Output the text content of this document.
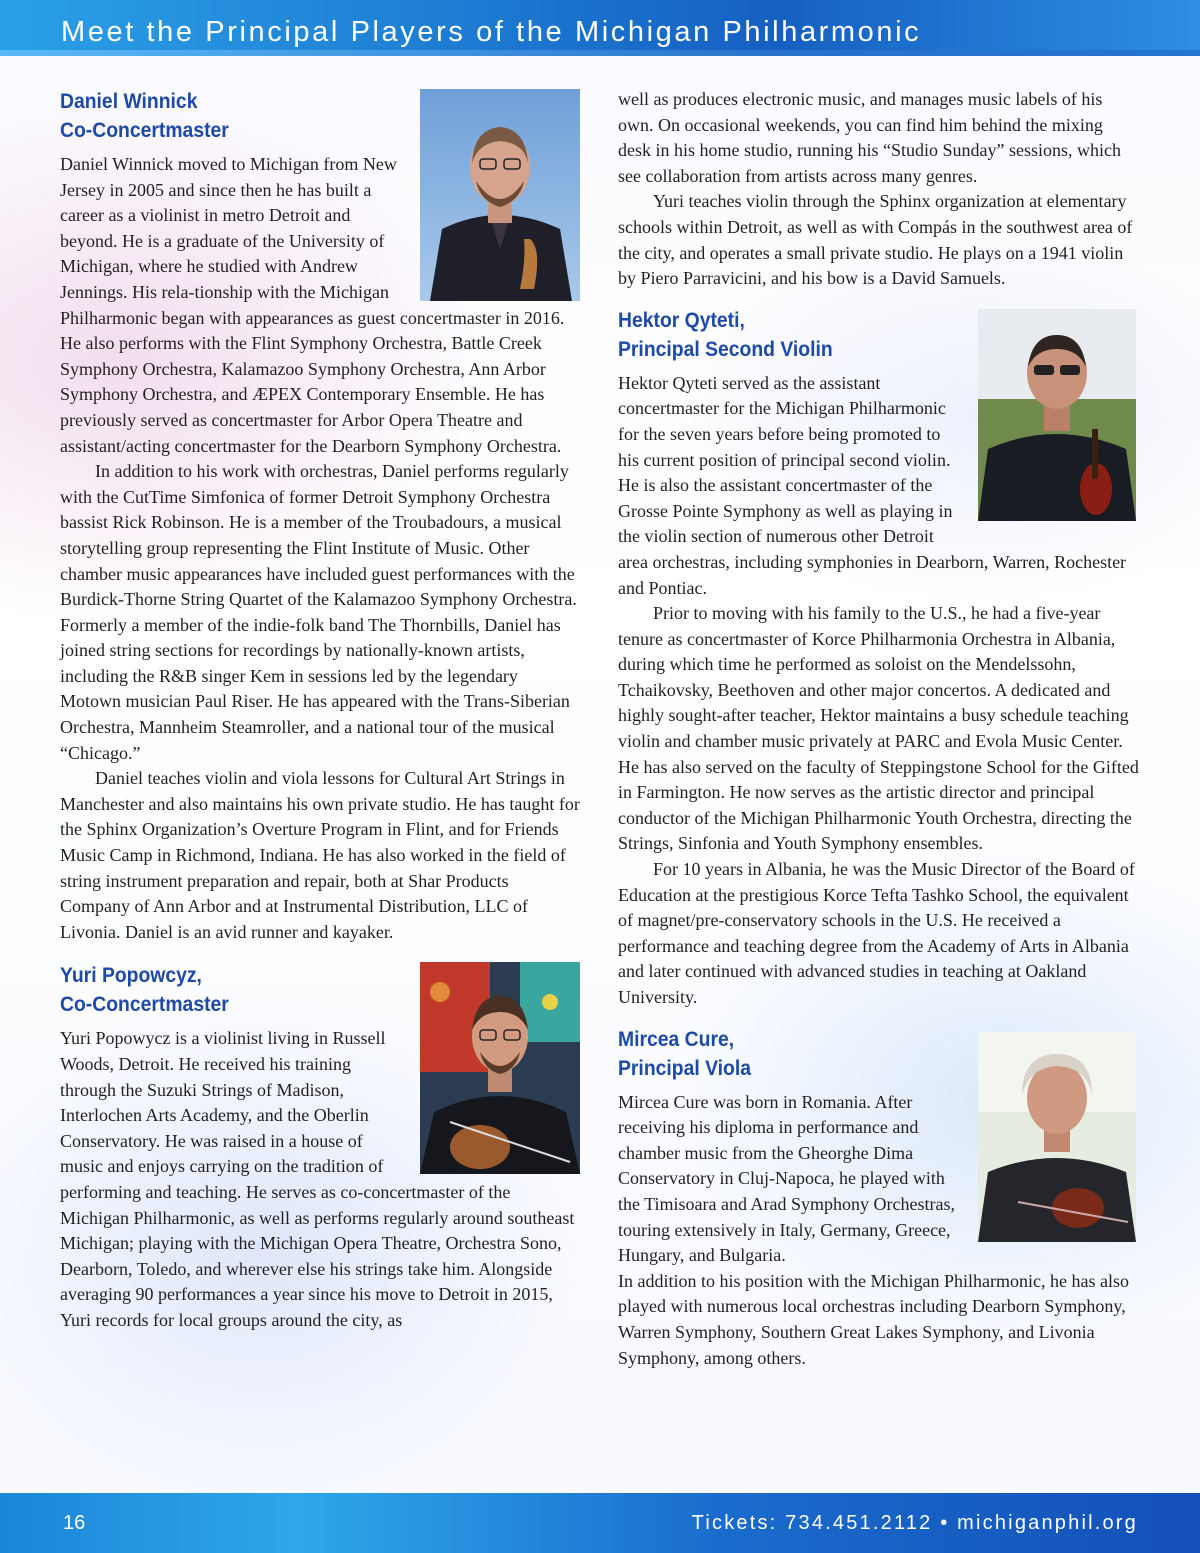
Meet the Principal Players of the Michigan Philharmonic
Daniel Winnick
Co-Concertmaster

Daniel Winnick moved to Michigan from New Jersey in 2005 and since then he has built a career as a violinist in metro Detroit and beyond. He is a graduate of the University of Michigan, where he studied with Andrew Jennings. His rela-tionship with the Michigan Philharmonic began with appearances as guest concertmaster in 2016. He also performs with the Flint Symphony Orchestra, Battle Creek Symphony Orchestra, Kalamazoo Symphony Orchestra, Ann Arbor Symphony Orchestra, and ÆPEX Contemporary Ensemble. He has previously served as concertmaster for Arbor Opera Theatre and assistant/acting concertmaster for the Dearborn Symphony Orchestra.

In addition to his work with orchestras, Daniel performs regularly with the CutTime Simfonica of former Detroit Symphony Orchestra bassist Rick Robinson. He is a member of the Troubadours, a musical storytelling group representing the Flint Institute of Music. Other chamber music appearances have included guest performances with the Burdick-Thorne String Quartet of the Kalamazoo Symphony Orchestra. Formerly a member of the indie-folk band The Thornbills, Daniel has joined string sections for recordings by nationally-known artists, including the R&B singer Kem in sessions led by the legendary Motown musician Paul Riser. He has appeared with the Trans-Siberian Orchestra, Mannheim Steamroller, and a national tour of the musical “Chicago.”

Daniel teaches violin and viola lessons for Cultural Art Strings in Manchester and also maintains his own private studio. He has taught for the Sphinx Organization’s Overture Program in Flint, and for Friends Music Camp in Richmond, Indiana. He has also worked in the field of string instrument preparation and repair, both at Shar Products Company of Ann Arbor and at Instrumental Distribution, LLC of Livonia. Daniel is an avid runner and kayaker.

Yuri Popowcyz,
Co-Concertmaster

Yuri Popowycz is a violinist living in Russell Woods, Detroit. He received his training through the Suzuki Strings of Madison, Interlochen Arts Academy, and the Oberlin Conservatory. He was raised in a house of music and enjoys carrying on the tradition of performing and teaching. He serves as co-concertmaster of the Michigan Philharmonic, as well as performs regularly around southeast Michigan; playing with the Michigan Opera Theatre, Orchestra Sono, Dearborn, Toledo, and wherever else his strings take him. Alongside averaging 90 performances a year since his move to Detroit in 2015, Yuri records for local groups around the city, as

well as produces electronic music, and manages music labels of his own. On occasional weekends, you can find him behind the mixing desk in his home studio, running his “Studio Sunday” sessions, which see collaboration from artists across many genres.

Yuri teaches violin through the Sphinx organization at elementary schools within Detroit, as well as with Compás in the southwest area of the city, and operates a small private studio. He plays on a 1941 violin by Piero Parravicini, and his bow is a David Samuels.

Hektor Qyteti,
Principal Second Violin

Hektor Qyteti served as the assistant concertmaster for the Michigan Philharmonic for the seven years before being promoted to his current position of principal second violin. He is also the assistant concertmaster of the Grosse Pointe Symphony as well as playing in the violin section of numerous other Detroit area orchestras, including symphonies in Dearborn, Warren, Rochester and Pontiac.

Prior to moving with his family to the U.S., he had a five-year tenure as concertmaster of Korce Philharmonia Orchestra in Albania, during which time he performed as soloist on the Mendelssohn, Tchaikovsky, Beethoven and other major concertos. A dedicated and highly sought-after teacher, Hektor maintains a busy schedule teaching violin and chamber music privately at PARC and Evola Music Center. He has also served on the faculty of Steppingstone School for the Gifted in Farmington. He now serves as the artistic director and principal conductor of the Michigan Philharmonic Youth Orchestra, directing the Strings, Sinfonia and Youth Symphony ensembles.

For 10 years in Albania, he was the Music Director of the Board of Education at the prestigious Korce Tefta Tashko School, the equivalent of magnet/pre-conservatory schools in the U.S. He received a performance and teaching degree from the Academy of Arts in Albania and later continued with advanced studies in teaching at Oakland University.

Mircea Cure,
Principal Viola

Mircea Cure was born in Romania. After receiving his diploma in performance and chamber music from the Gheorghe Dima Conservatory in Cluj-Napoca, he played with the Timisoara and Arad Symphony Orchestras, touring extensively in Italy, Germany, Greece, Hungary, and Bulgaria.

In addition to his position with the Michigan Philharmonic, he has also played with numerous local orchestras including Dearborn Symphony, Warren Symphony, Southern Great Lakes Symphony, and Livonia Symphony, among others.

16	Tickets: 734.451.2112 • michiganphil.org
